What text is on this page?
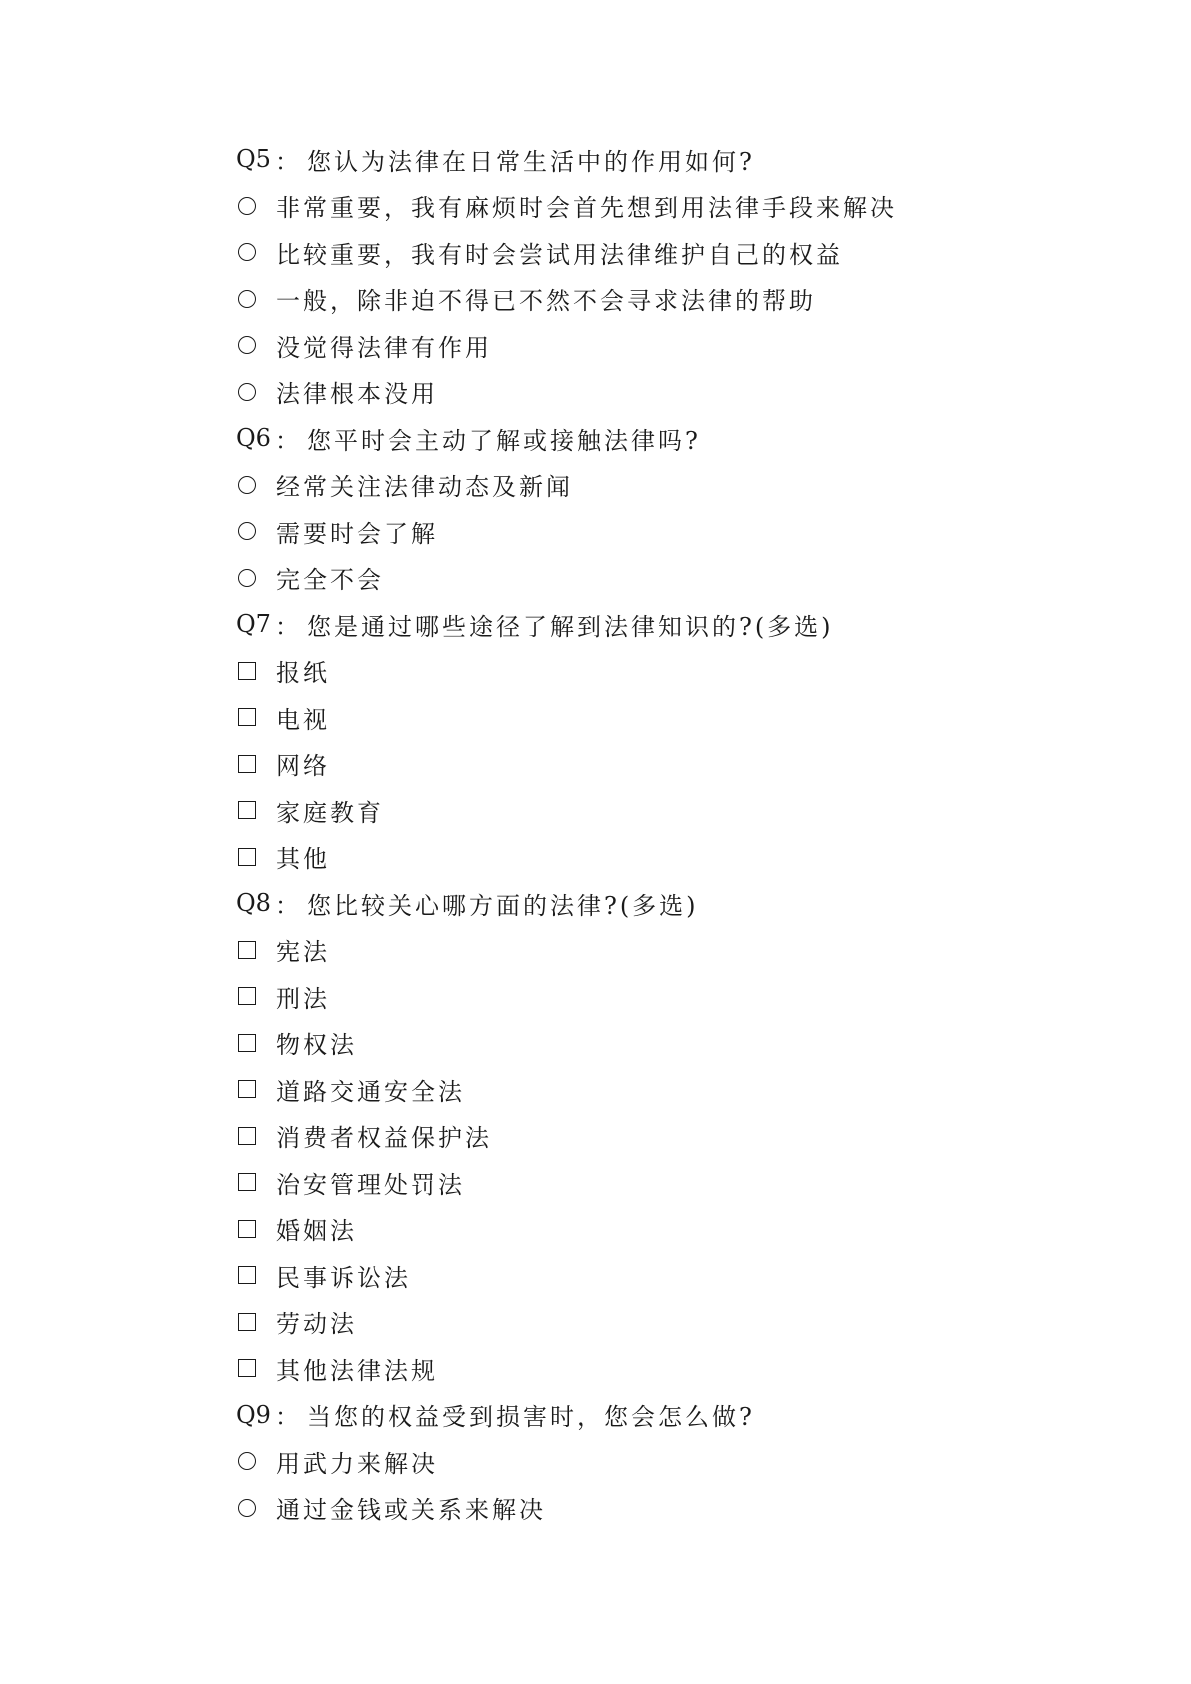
Q5 ： 您认为法律在日常生活中的作用如何?
非常重要，我有麻烦时会首先想到用法律手段来解决
比较重要，我有时会尝试用法律维护自己的权益
一般，除非迫不得已不然不会寻求法律的帮助
没觉得法律有作用
法律根本没用
Q6 ： 您平时会主动了解或接触法律吗?
经常关注法律动态及新闻
需要时会了解
完全不会
Q7 ： 您是通过哪些途径了解到法律知识的?(多选)
报纸
电视
网络
家庭教育
其他
Q8 ： 您比较关心哪方面的法律?(多选)
宪法
刑法
物权法
道路交通安全法
消费者权益保护法
治安管理处罚法
婚姻法
民事诉讼法
劳动法
其他法律法规
Q9 ： 当您的权益受到损害时，您会怎么做?
用武力来解决
通过金钱或关系来解决
